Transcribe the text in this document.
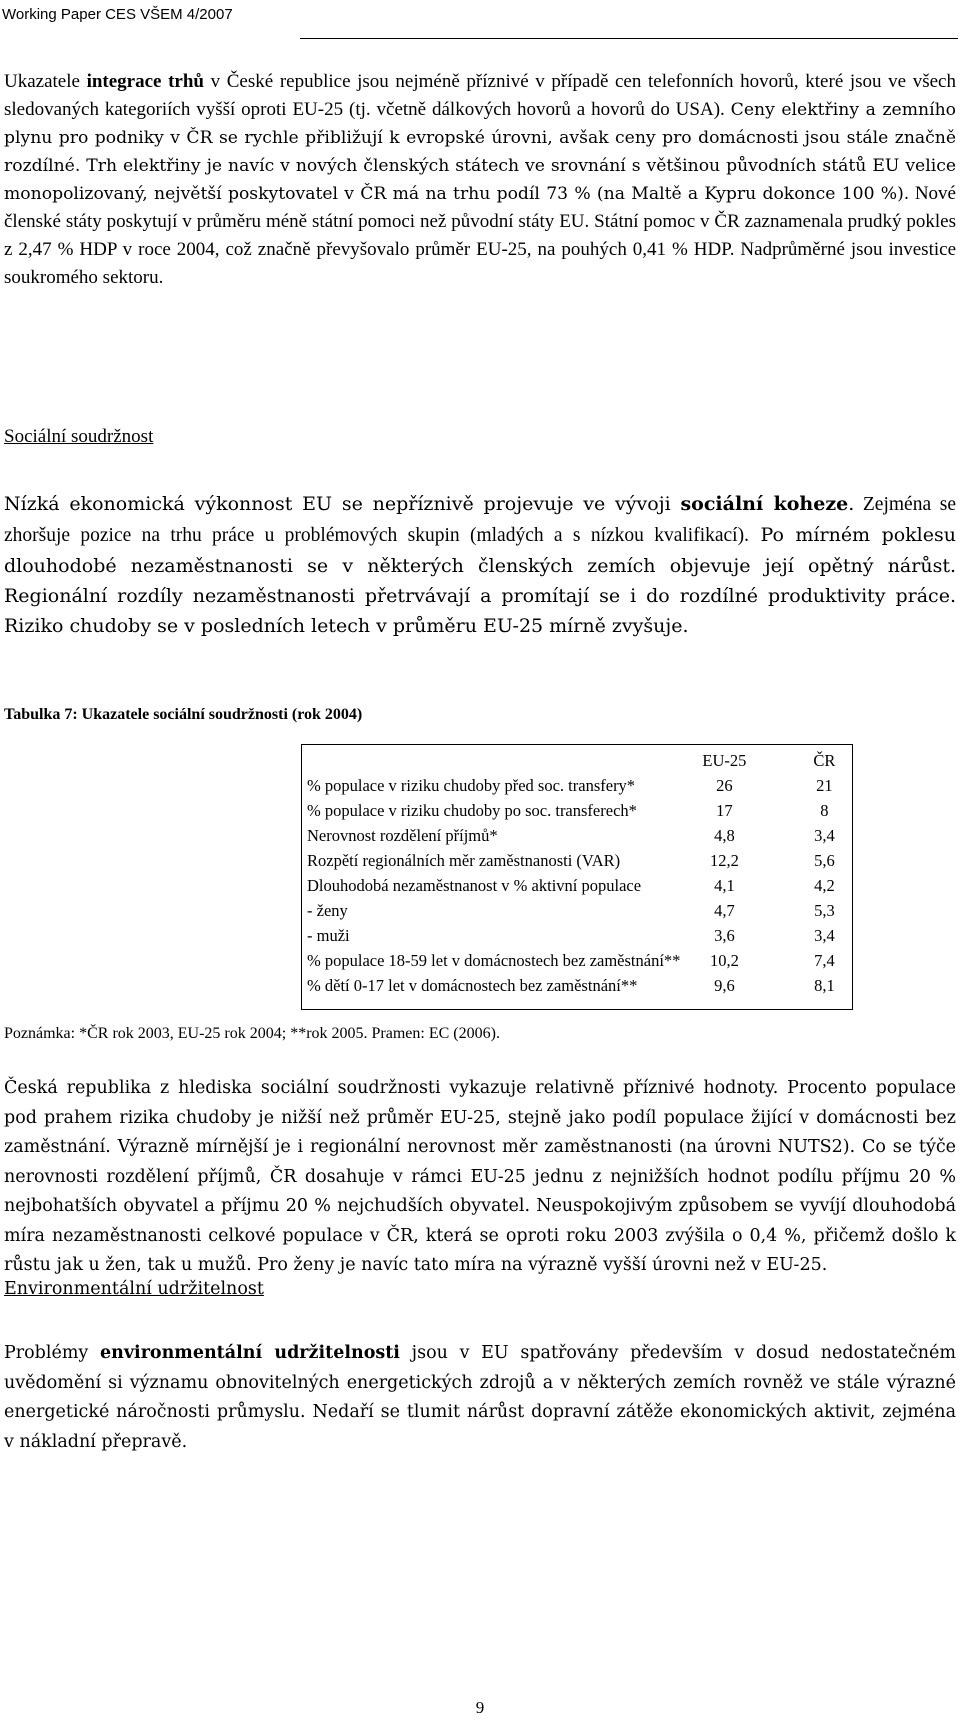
Working Paper CES VŠEM 4/2007

Ukazatele integrace trhů v České republice jsou nejméně příznivé v případě cen telefonních hovorů, které jsou ve všech sledovaných kategoriích vyšší oproti EU-25 (tj. včetně dálkových hovorů a hovorů do USA). Ceny elektřiny a zemního plynu pro podniky v ČR se rychle přibližují k evropské úrovni, avšak ceny pro domácnosti jsou stále značně rozdílné. Trh elektřiny je navíc v nových členských státech ve srovnání s většinou původních států EU velice monopolizovaný, největší poskytovatel v ČR má na trhu podíl 73 % (na Maltě a Kypru dokonce 100 %). Nové členské státy poskytují v průměru méně státní pomoci než původní státy EU. Státní pomoc v ČR zaznamenala prudký pokles z 2,47 % HDP v roce 2004, což značně převyšovalo průměr EU-25, na pouhých 0,41 % HDP. Nadprůměrné jsou investice soukromého sektoru.

Sociální soudržnost

Nízká ekonomická výkonnost EU se nepříznivě projevuje ve vývoji sociální koheze. Zejména se zhoršuje pozice na trhu práce u problémových skupin (mladých a s nízkou kvalifikací). Po mírném poklesu dlouhodobé nezaměstnanosti se v některých členských zemích objevuje její opětný nárůst. Regionální rozdíly nezaměstnanosti přetrvávají a promítají se i do rozdílné produktivity práce. Riziko chudoby se v posledních letech v průměru EU-25 mírně zvyšuje.

Tabulka 7: Ukazatele sociální soudržnosti (rok 2004)
	EU-25	ČR
% populace v riziku chudoby před soc. transfery*	26	21
% populace v riziku chudoby po soc. transferech*	17	8
Nerovnost rozdělení příjmů*	4,8	3,4
Rozpětí regionálních měr zaměstnanosti (VAR)	12,2	5,6
Dlouhodobá nezaměstnanost v % aktivní populace	4,1	4,2
- ženy	4,7	5,3
- muži	3,6	3,4
% populace 18-59 let v domácnostech bez zaměstnání**	10,2	7,4
% dětí 0-17 let v domácnostech bez zaměstnání**	9,6	8,1
Poznámka: *ČR rok 2003, EU-25 rok 2004; **rok 2005. Pramen: EC (2006).

Česká republika z hlediska sociální soudržnosti vykazuje relativně příznivé hodnoty. Procento populace pod prahem rizika chudoby je nižší než průměr EU-25, stejně jako podíl populace žijící v domácnosti bez zaměstnání. Výrazně mírnější je i regionální nerovnost měr zaměstnanosti (na úrovni NUTS2). Co se týče nerovnosti rozdělení příjmů, ČR dosahuje v rámci EU-25 jednu z nejnižších hodnot podílu příjmu 20 % nejbohatších obyvatel a příjmu 20 % nejchudších obyvatel. Neuspokojivým způsobem se vyvíjí dlouhodobá míra nezaměstnanosti celkové populace v ČR, která se oproti roku 2003 zvýšila o 0,4 %, přičemž došlo k růstu jak u žen, tak u mužů. Pro ženy je navíc tato míra na výrazně vyšší úrovni než v EU-25.

Environmentální udržitelnost

Problémy environmentální udržitelnosti jsou v EU spatřovány především v dosud nedostatečném uvědomění si významu obnovitelných energetických zdrojů a v některých zemích rovněž ve stále výrazné energetické náročnosti průmyslu. Nedaří se tlumit nárůst dopravní zátěže ekonomických aktivit, zejména v nákladní přepravě.

9
